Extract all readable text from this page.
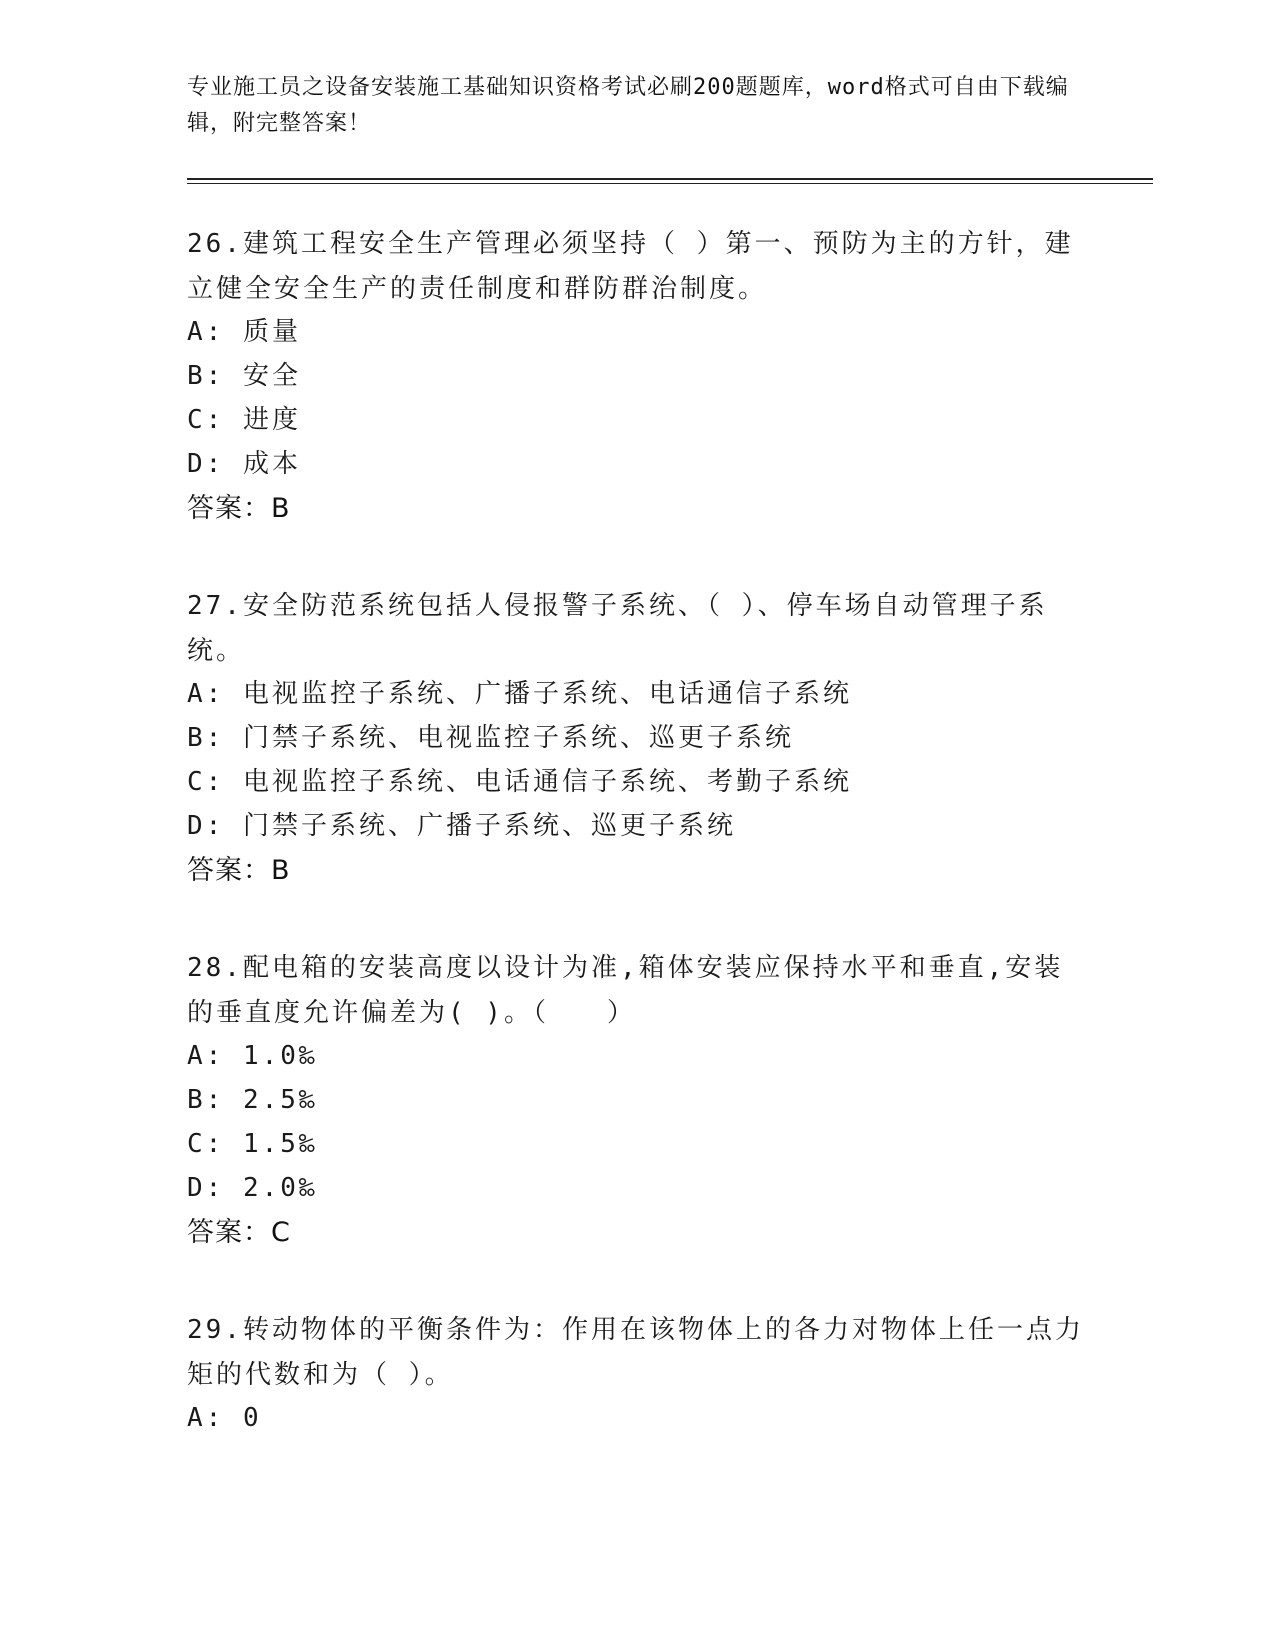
专业施工员之设备安装施工基础知识资格考试必刷200题题库，word格式可自由下载编辑，附完整答案！
26.建筑工程安全生产管理必须坚持（ ）第一、预防为主的方针，建立健全安全生产的责任制度和群防群治制度。
A: 质量
B: 安全
C: 进度
D: 成本
答案：B
27.安全防范系统包括人侵报警子系统、（ ）、停车场自动管理子系统。
A: 电视监控子系统、广播子系统、电话通信子系统
B: 门禁子系统、电视监控子系统、巡更子系统
C: 电视监控子系统、电话通信子系统、考勤子系统
D: 门禁子系统、广播子系统、巡更子系统
答案：B
28.配电箱的安装高度以设计为准,箱体安装应保持水平和垂直,安装的垂直度允许偏差为( )。（　　）
A: 1.0‰
B: 2.5‰
C: 1.5‰
D: 2.0‰
答案：C
29.转动物体的平衡条件为：作用在该物体上的各力对物体上任一点力矩的代数和为（ ）。
A: 0
